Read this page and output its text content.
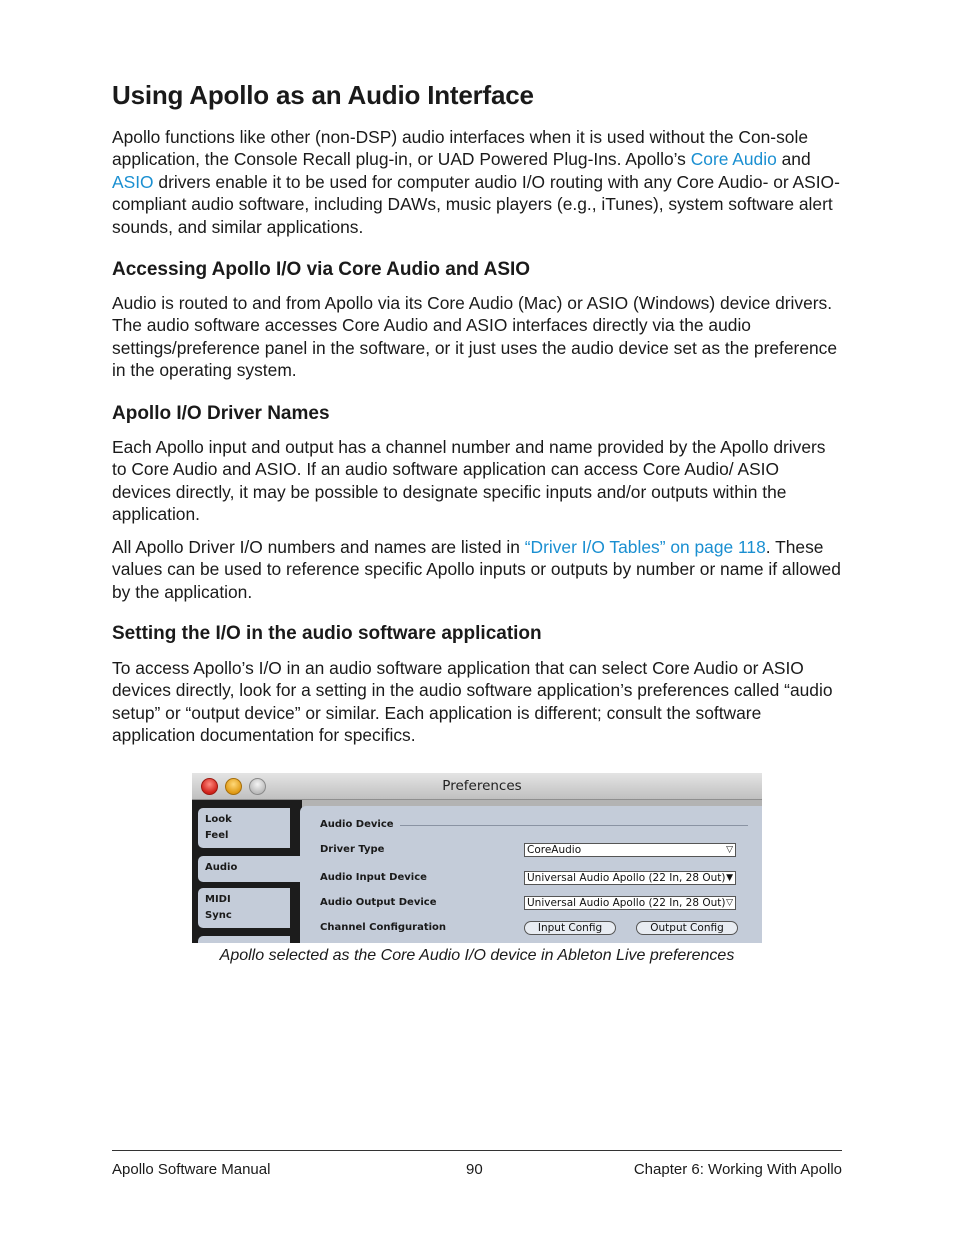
Using Apollo as an Audio Interface

Apollo functions like other (non-DSP) audio interfaces when it is used without the Con-sole application, the Console Recall plug-in, or UAD Powered Plug-Ins. Apollo’s Core Audio and ASIO drivers enable it to be used for computer audio I/O routing with any Core Audio- or ASIO-compliant audio software, including DAWs, music players (e.g., iTunes), system software alert sounds, and similar applications.

Accessing Apollo I/O via Core Audio and ASIO

Audio is routed to and from Apollo via its Core Audio (Mac) or ASIO (Windows) device drivers. The audio software accesses Core Audio and ASIO interfaces directly via the audio settings/preference panel in the software, or it just uses the audio device set as the preference in the operating system.

Apollo I/O Driver Names

Each Apollo input and output has a channel number and name provided by the Apollo drivers to Core Audio and ASIO. If an audio software application can access Core Audio/ ASIO devices directly, it may be possible to designate specific inputs and/or outputs within the application.

All Apollo Driver I/O numbers and names are listed in “Driver I/O Tables” on page 118. These values can be used to reference specific Apollo inputs or outputs by number or name if allowed by the application.

Setting the I/O in the audio software application

To access Apollo’s I/O in an audio software application that can select Core Audio or ASIO devices directly, look for a setting in the audio software application’s preferences called “audio setup” or “output device” or similar. Each application is different; consult the software application documentation for specifics.

Preferences
Look
Feel
Audio
MIDI
Sync
Audio Device
Driver Type	CoreAudio	▽
Audio Input Device	Universal Audio Apollo (22 In, 28 Out) ▼
Audio Output Device	Universal Audio Apollo (22 In, 28 Out) ▽
Channel Configuration	Input Config	Output Config
Apollo selected as the Core Audio I/O device in Ableton Live preferences
Apollo Software Manual	90	Chapter 6: Working With Apollo
